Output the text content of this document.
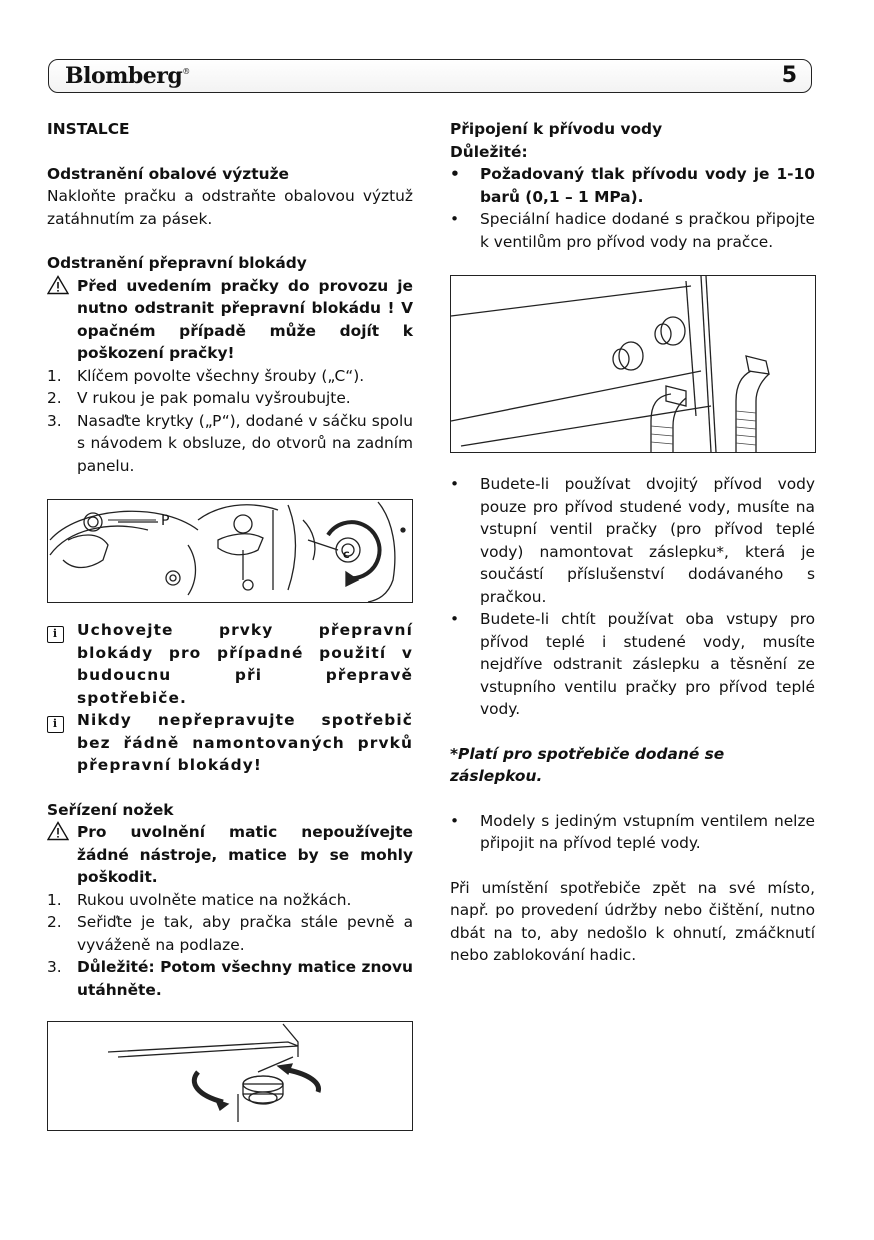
Blomberg®	5

INSTALCE

Odstranění obalové výztuže

Nakloňte pračku a odstraňte obalovou výztuž zatáhnutím za pásek.

Odstranění přepravní blokády

Před uvedením pračky do provozu je nutno odstranit přepravní blokádu ! V opačném případě může dojít k poškození pračky!
1. Klíčem povolte všechny šrouby („C“).
2. V rukou je pak pomalu vyšroubujte.
3. Nasaďte krytky („P“), dodané v sáčku spolu s návodem k obsluze, do otvorů na zadním panelu.
P
C
i	Uchovejte prvky přepravní blokády pro případné použití v budoucnu při přepravě spotřebiče.
i	Nikdy nepřepravujte spotřebič bez řádně namontovaných prvků přepravní blokády!

Seřízení nožek

Pro uvolnění matic nepoužívejte žádné nástroje, matice by se mohly poškodit.
1. Rukou uvolněte matice na nožkách.
2. Seřiďte je tak, aby pračka stále pevně a vyváženě na podlaze.
3. Důležité: Potom všechny matice znovu utáhněte.

Připojení k přívodu vody

Důležité:

•	Požadovaný tlak přívodu vody je 1-10 barů (0,1 – 1 MPa).
•	Speciální hadice dodané s pračkou připojte k ventilům pro přívod vody na pračce.
•	Budete-li používat dvojitý přívod vody pouze pro přívod studené vody, musíte na vstupní ventil pračky (pro přívod teplé vody) namontovat záslepku*, která je součástí příslušenství dodávaného s pračkou.
•	Budete-li chtít používat oba vstupy pro přívod teplé i studené vody, musíte nejdříve odstranit záslepku a těsnění ze vstupního ventilu pračky pro přívod teplé vody.

*Platí pro spotřebiče dodané se záslepkou.

•	Modely s jediným vstupním ventilem nelze připojit na přívod teplé vody.

Při umístění spotřebiče zpět na své místo, např. po provedení údržby nebo čištění, nutno dbát na to, aby nedošlo k ohnutí, zmáčknutí nebo zablokování hadic.
